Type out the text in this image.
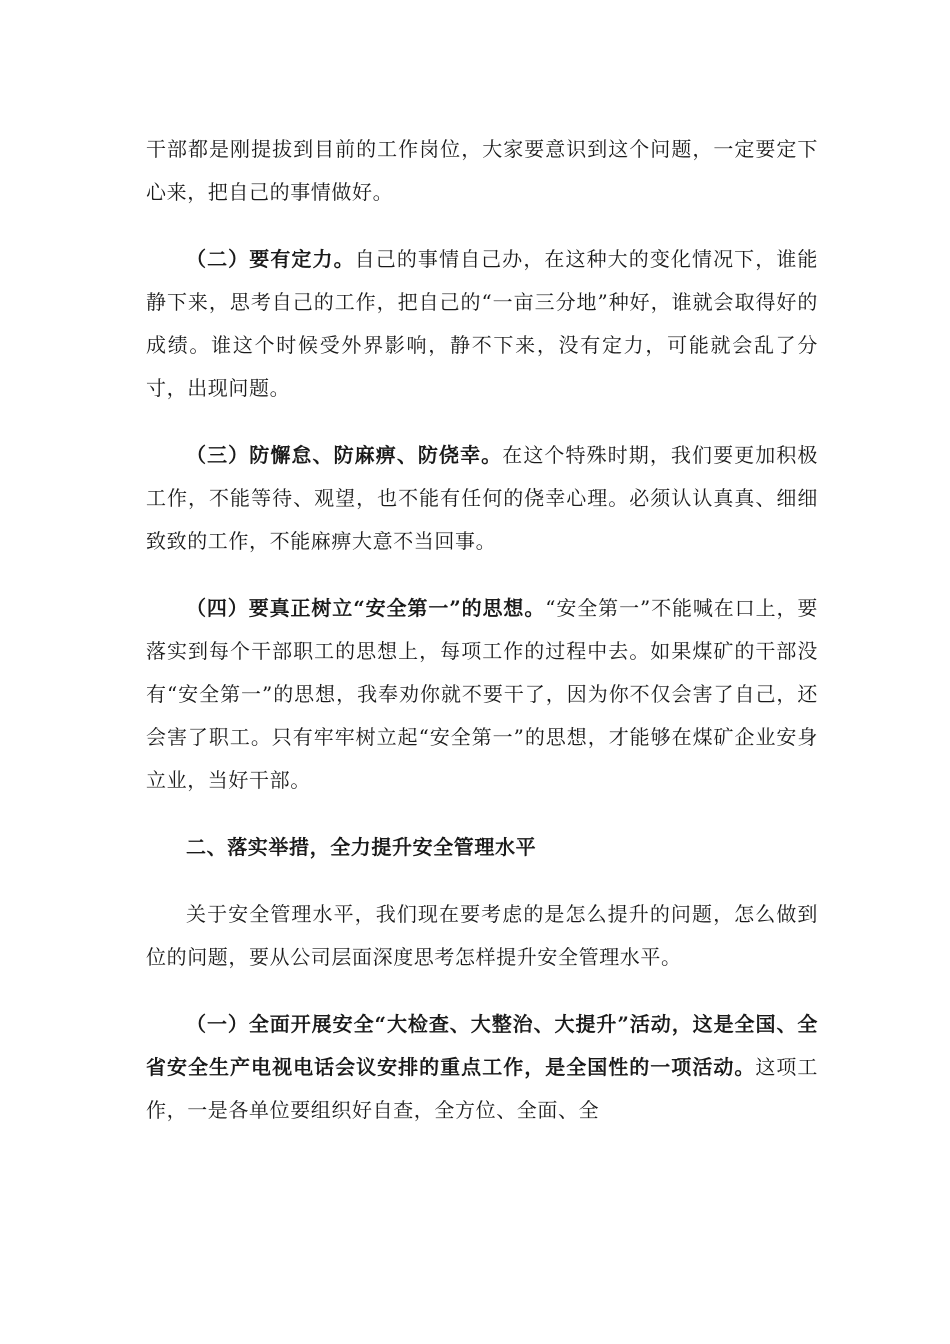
干部都是刚提拔到目前的工作岗位，大家要意识到这个问题，一定要定下心来，把自己的事情做好。

（二）要有定力。自己的事情自己办，在这种大的变化情况下，谁能静下来，思考自己的工作，把自己的“一亩三分地”种好，谁就会取得好的成绩。谁这个时候受外界影响，静不下来，没有定力，可能就会乱了分寸，出现问题。

（三）防懈怠、防麻痹、防侥幸。在这个特殊时期，我们要更加积极工作，不能等待、观望，也不能有任何的侥幸心理。必须认认真真、细细致致的工作，不能麻痹大意不当回事。

（四）要真正树立“安全第一”的思想。“安全第一”不能喊在口上，要落实到每个干部职工的思想上，每项工作的过程中去。如果煤矿的干部没有“安全第一”的思想，我奉劝你就不要干了，因为你不仅会害了自己，还会害了职工。只有牢牢树立起“安全第一”的思想，才能够在煤矿企业安身立业，当好干部。

二、落实举措，全力提升安全管理水平

关于安全管理水平，我们现在要考虑的是怎么提升的问题，怎么做到位的问题，要从公司层面深度思考怎样提升安全管理水平。

（一）全面开展安全“大检查、大整治、大提升”活动，这是全国、全省安全生产电视电话会议安排的重点工作，是全国性的一项活动。这项工作，一是各单位要组织好自查，全方位、全面、全
